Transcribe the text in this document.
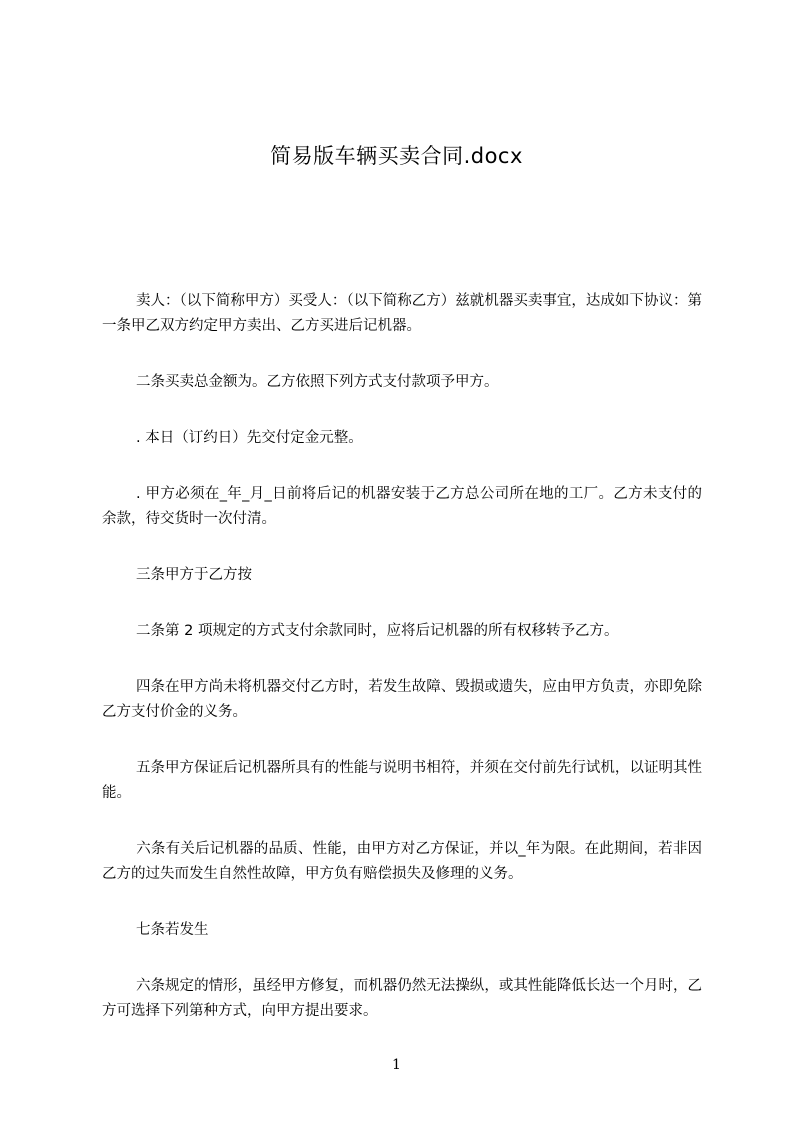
简易版车辆买卖合同.docx

卖人：（以下简称甲方）买受人：（以下简称乙方）兹就机器买卖事宜，达成如下协议：第一条甲乙双方约定甲方卖出、乙方买进后记机器。

二条买卖总金额为。乙方依照下列方式支付款项予甲方。

. 本日（订约日）先交付定金元整。

. 甲方必须在_年_月_日前将后记的机器安装于乙方总公司所在地的工厂。乙方未支付的余款，待交货时一次付清。

三条甲方于乙方按

二条第 2 项规定的方式支付余款同时，应将后记机器的所有权移转予乙方。

四条在甲方尚未将机器交付乙方时，若发生故障、毁损或遗失，应由甲方负责，亦即免除乙方支付价金的义务。

五条甲方保证后记机器所具有的性能与说明书相符，并须在交付前先行试机，以证明其性能。

六条有关后记机器的品质、性能，由甲方对乙方保证，并以_年为限。在此期间，若非因乙方的过失而发生自然性故障，甲方负有赔偿损失及修理的义务。

七条若发生

六条规定的情形，虽经甲方修复，而机器仍然无法操纵，或其性能降低长达一个月时，乙方可选择下列第种方式，向甲方提出要求。

1
